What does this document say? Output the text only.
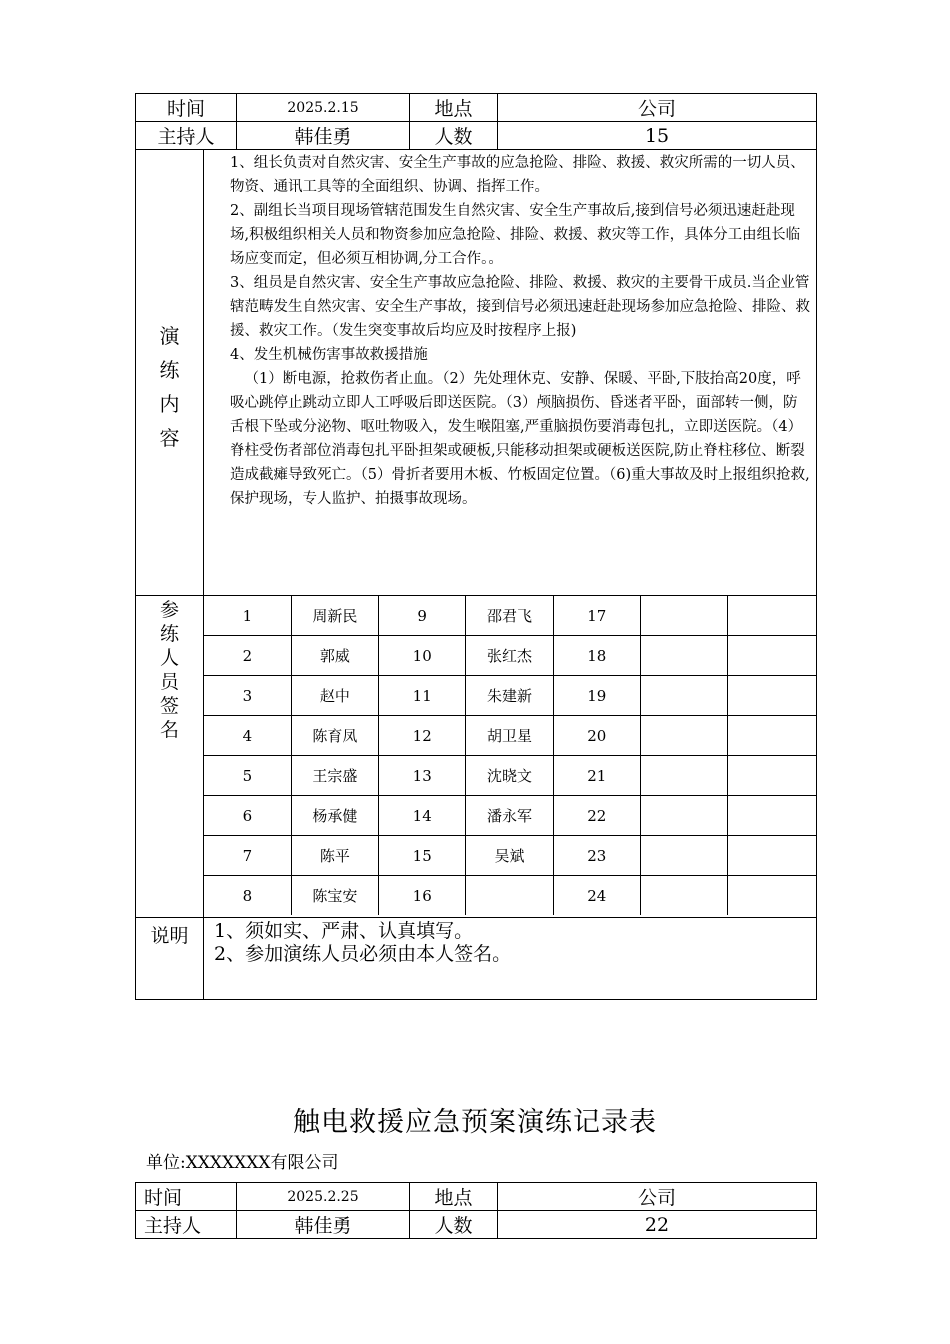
时间	2025.2.15	地点	公司
主持人	韩佳勇	人数	15

演
练
内
容

1、组长负责对自然灾害、安全生产事故的应急抢险、排险、救援、救灾所需的一切人员、物资、通讯工具等的全面组织、协调、指挥工作。

2、副组长当项目现场管辖范围发生自然灾害、安全生产事故后,接到信号必须迅速赶赴现场,积极组织相关人员和物资参加应急抢险、排险、救援、救灾等工作，具体分工由组长临场应变而定，但必须互相协调,分工合作。。

3、组员是自然灾害、安全生产事故应急抢险、排险、救援、救灾的主要骨干成员.当企业管辖范畴发生自然灾害、安全生产事故，接到信号必须迅速赶赴现场参加应急抢险、排险、救援、救灾工作。（发生突变事故后均应及时按程序上报)

4、发生机械伤害事故救援措施

（1）断电源，抢救伤者止血。（2）先处理休克、安静、保暖、平卧,下肢抬高20度，呼吸心跳停止跳动立即人工呼吸后即送医院。（3）颅脑损伤、昏迷者平卧，面部转一侧，防舌根下坠或分泌物、呕吐物吸入，发生喉阻塞,严重脑损伤要消毒包扎，立即送医院。（4）脊柱受伤者部位消毒包扎平卧担架或硬板,只能移动担架或硬板送医院,防止脊柱移位、断裂造成截瘫导致死亡。（5）骨折者要用木板、竹板固定位置。（6)重大事故及时上报组织抢救,保护现场，专人监护、拍摄事故现场。

参
练
人
员
签
名

1	周新民	9	邵君飞	17		
2	郭威	10	张红杰	18		
3	赵中	11	朱建新	19		
4	陈育凤	12	胡卫星	20		
5	王宗盛	13	沈晓文	21		
6	杨承健	14	潘永军	22		
7	陈平	15	吴斌	23		
8	陈宝安	16		24		

说明	1、须如实、严肃、认真填写。

2、参加演练人员必须由本人签名。

触电救援应急预案演练记录表
单位:XXXXXXX有限公司
时间	2025.2.25	地点	公司
主持人	韩佳勇	人数	22
